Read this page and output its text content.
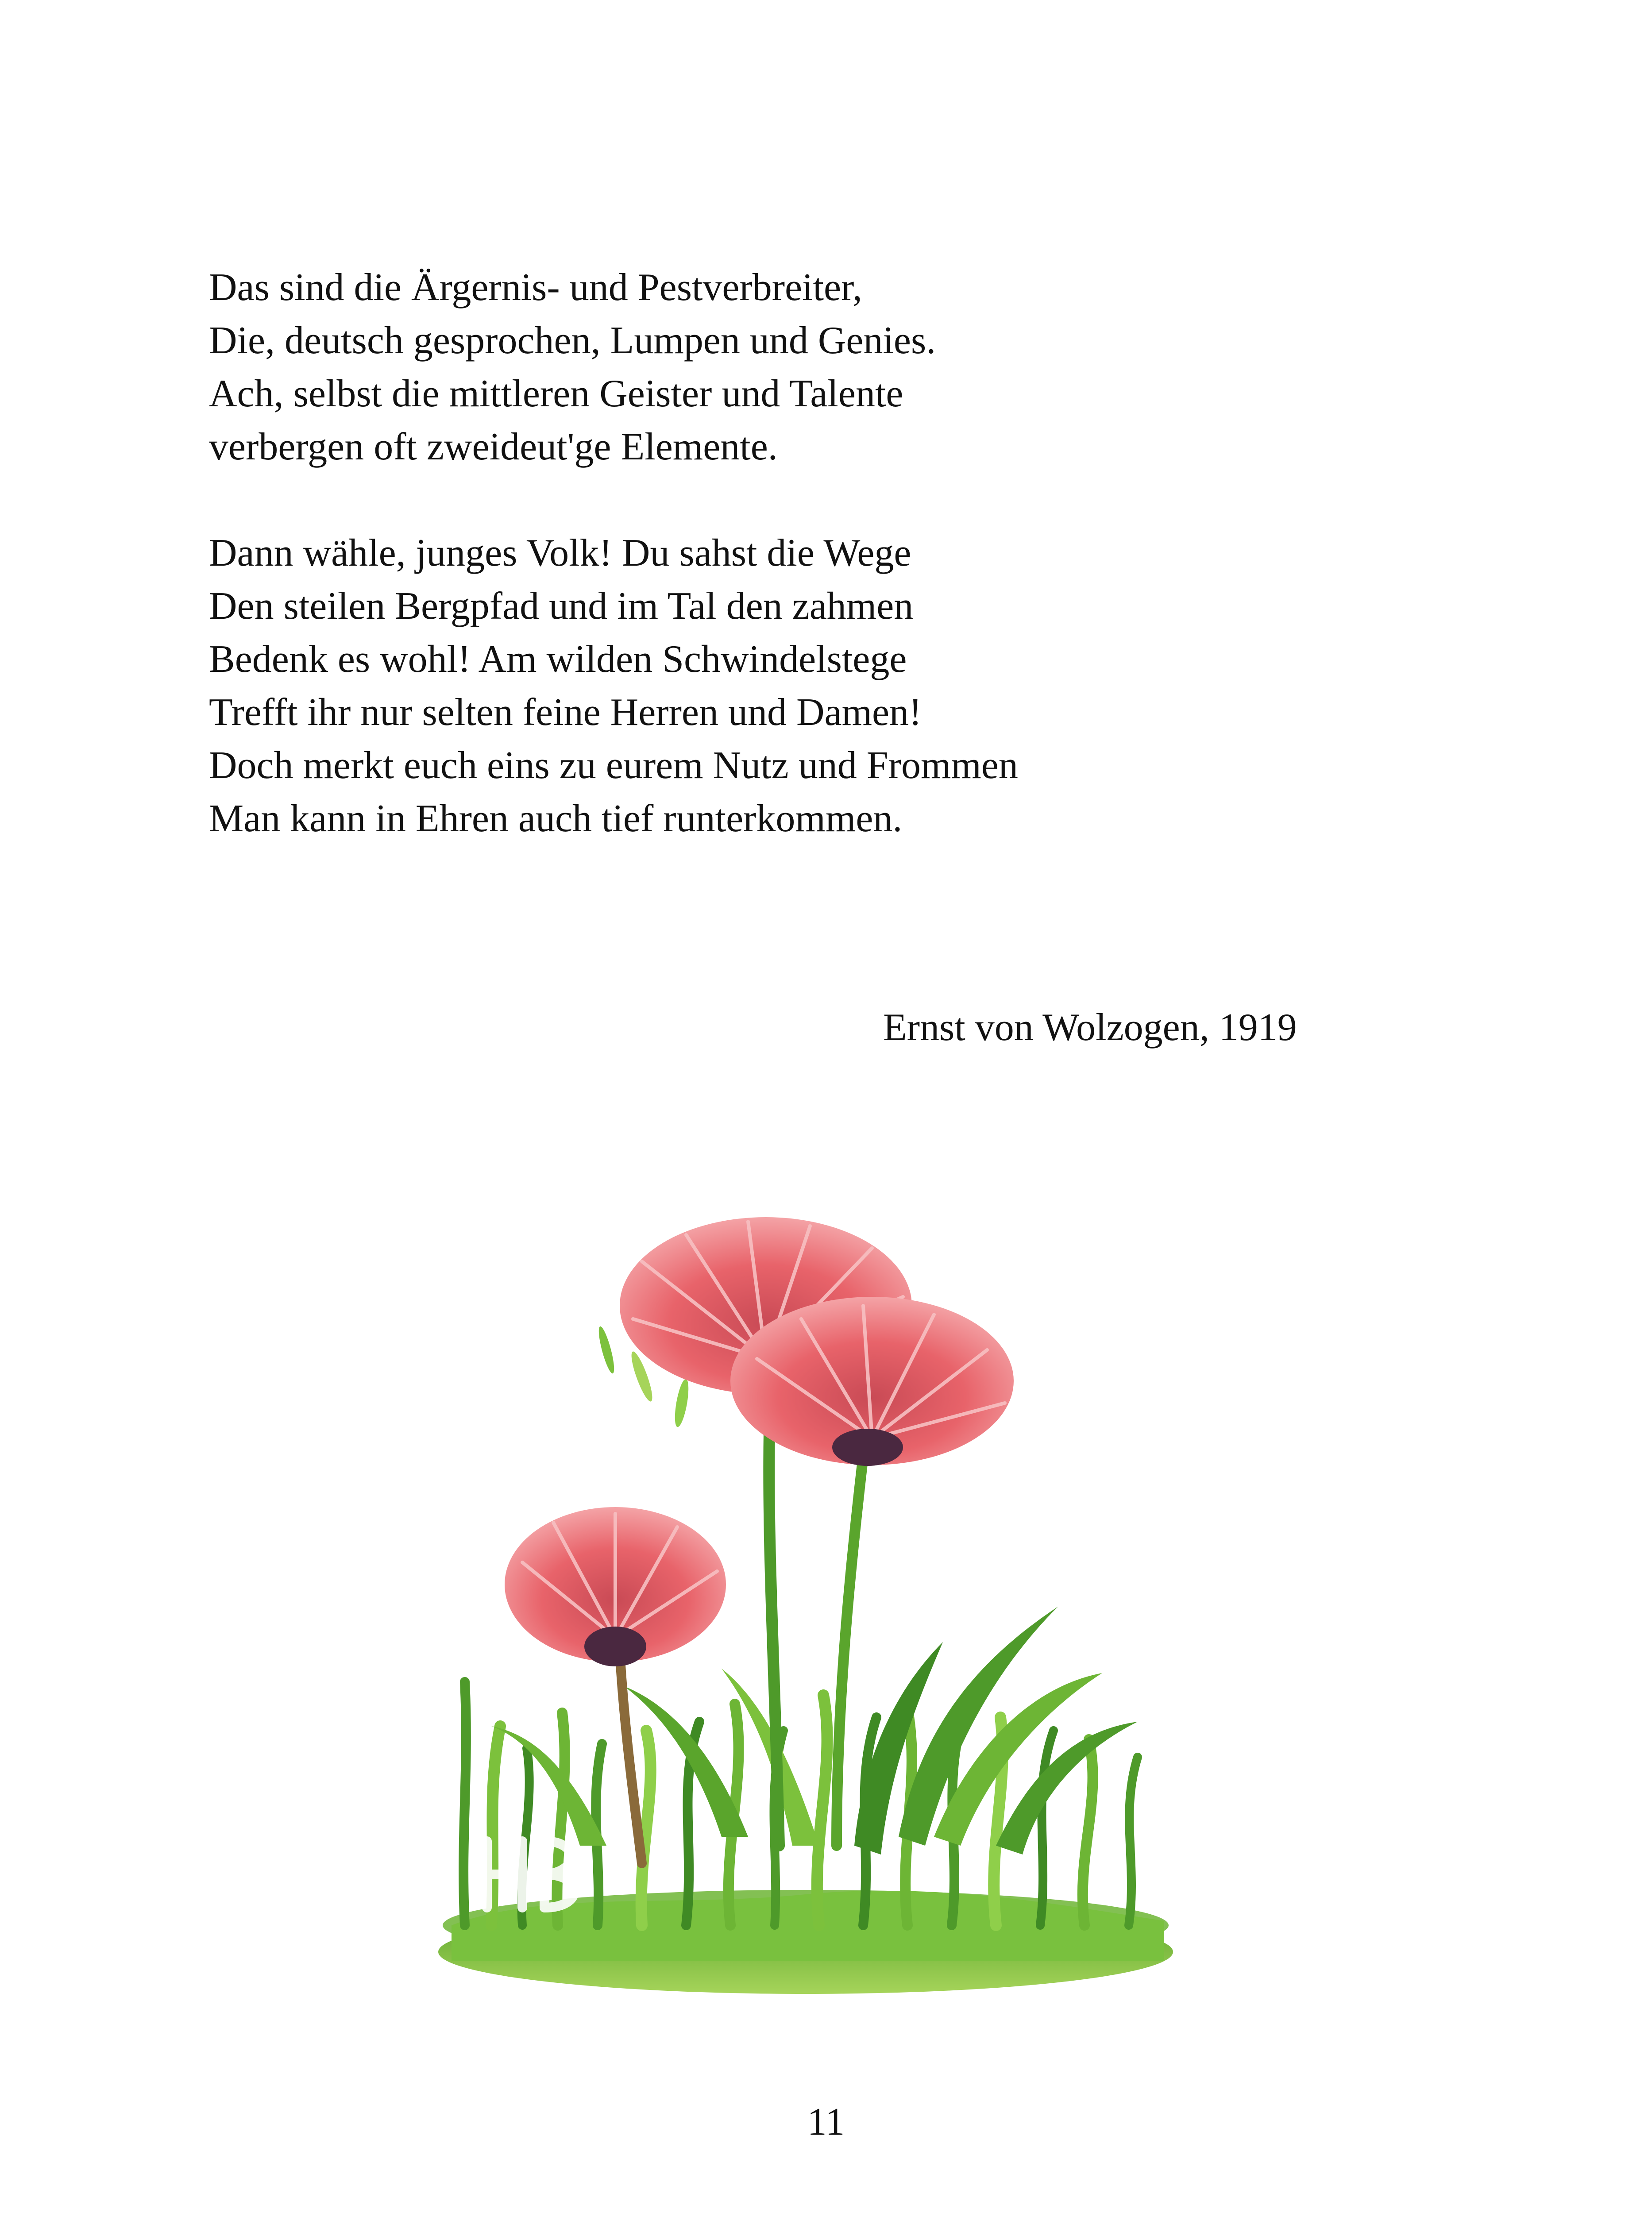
Das sind die Ärgernis- und Pestverbreiter,
Die, deutsch gesprochen, Lumpen und Genies.
Ach, selbst die mittleren Geister und Talente
verbergen oft zweideut'ge Elemente.
Dann wähle, junges Volk! Du sahst die Wege
Den steilen Bergpfad und im Tal den zahmen
Bedenk es wohl! Am wilden Schwindelstege
Trefft ihr nur selten feine Herren und Damen!
Doch merkt euch eins zu eurem Nutz und Frommen
Man kann in Ehren auch tief runterkommen.
Ernst von Wolzogen, 1919
11
